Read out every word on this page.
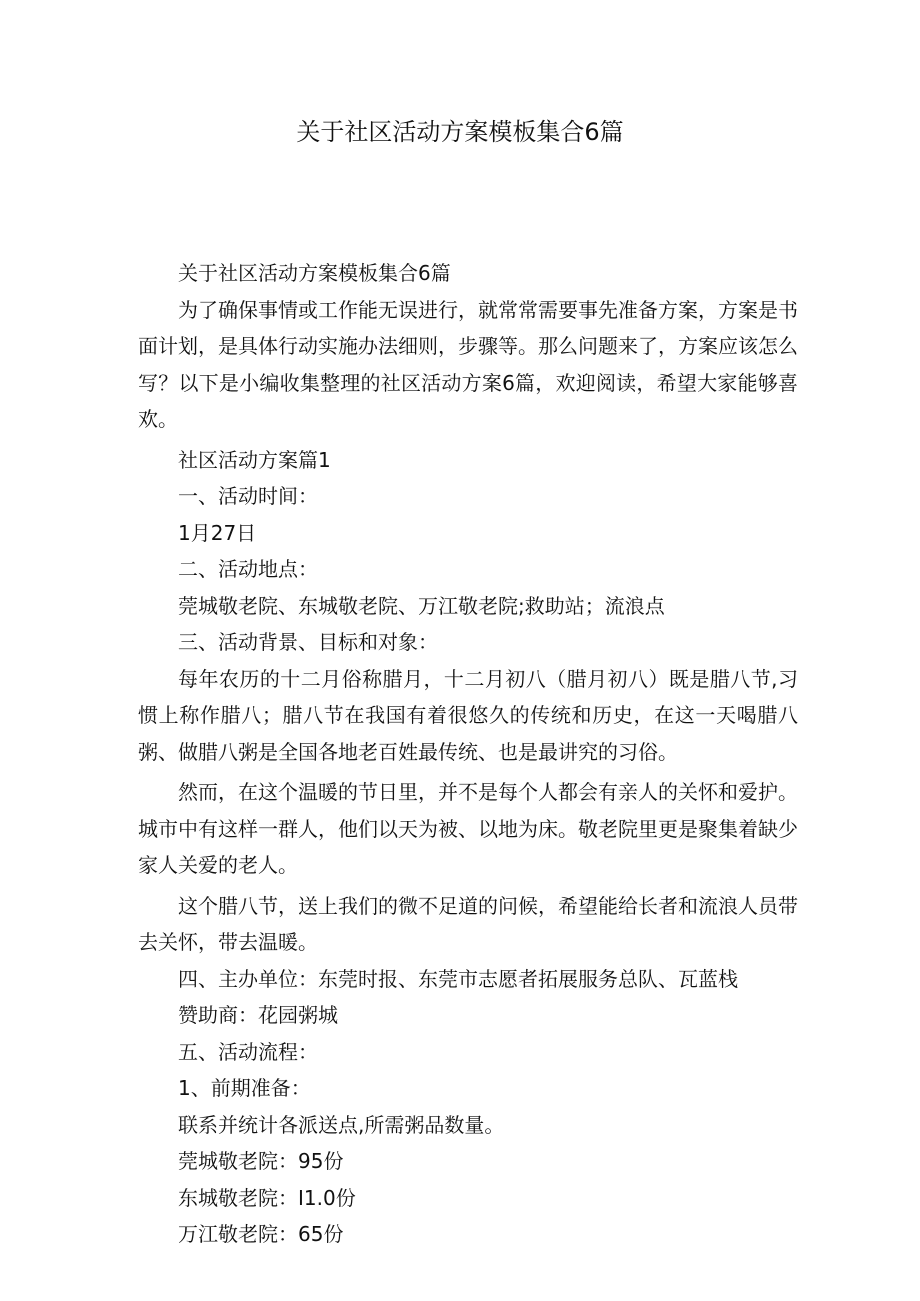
关于社区活动方案模板集合6篇

关于社区活动方案模板集合6篇

为了确保事情或工作能无误进行，就常常需要事先准备方案，方案是书面计划，是具体行动实施办法细则，步骤等。那么问题来了，方案应该怎么写？以下是小编收集整理的社区活动方案6篇，欢迎阅读，希望大家能够喜欢。

社区活动方案篇1

一、活动时间：

1月27日

二、活动地点：

莞城敬老院、东城敬老院、万江敬老院;救助站；流浪点

三、活动背景、目标和对象：

每年农历的十二月俗称腊月，十二月初八（腊月初八）既是腊八节,习惯上称作腊八；腊八节在我国有着很悠久的传统和历史，在这一天喝腊八粥、做腊八粥是全国各地老百姓最传统、也是最讲究的习俗。

然而，在这个温暖的节日里，并不是每个人都会有亲人的关怀和爱护。城市中有这样一群人，他们以天为被、以地为床。敬老院里更是聚集着缺少家人关爱的老人。

这个腊八节，送上我们的微不足道的问候，希望能给长者和流浪人员带去关怀，带去温暖。

四、主办单位：东莞时报、东莞市志愿者拓展服务总队、瓦蓝栈

赞助商：花园粥城

五、活动流程：

1、前期准备：

联系并统计各派送点,所需粥品数量。

莞城敬老院：95份

东城敬老院：I1.0份

万江敬老院：65份
